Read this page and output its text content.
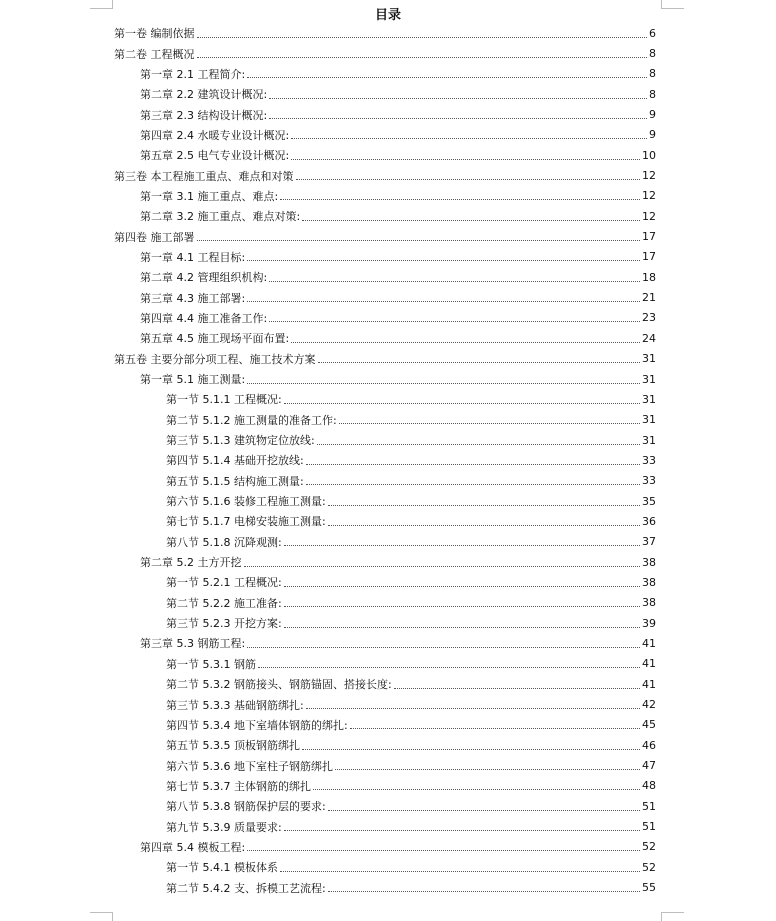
目录
第一卷 编制依据	6
第二卷 工程概况	8
第一章 2.1 工程简介:	8
第二章 2.2 建筑设计概况:	8
第三章 2.3 结构设计概况:	9
第四章 2.4 水暖专业设计概况:	9
第五章 2.5 电气专业设计概况:	10
第三卷 本工程施工重点、难点和对策	12
第一章 3.1 施工重点、难点:	12
第二章 3.2 施工重点、难点对策:	12
第四卷 施工部署	17
第一章 4.1 工程目标:	17
第二章 4.2 管理组织机构:	18
第三章 4.3 施工部署:	21
第四章 4.4 施工准备工作:	23
第五章 4.5 施工现场平面布置:	24
第五卷 主要分部分项工程、施工技术方案	31
第一章 5.1 施工测量:	31
第一节 5.1.1 工程概况:	31
第二节 5.1.2 施工测量的准备工作:	31
第三节 5.1.3 建筑物定位放线:	31
第四节 5.1.4 基础开挖放线:	33
第五节 5.1.5 结构施工测量:	33
第六节 5.1.6 装修工程施工测量:	35
第七节 5.1.7 电梯安装施工测量:	36
第八节 5.1.8 沉降观测:	37
第二章 5.2 土方开挖	38
第一节 5.2.1 工程概况:	38
第二节 5.2.2 施工准备:	38
第三节 5.2.3 开挖方案:	39
第三章 5.3 钢筋工程:	41
第一节 5.3.1 钢筋	41
第二节 5.3.2 钢筋接头、钢筋锚固、搭接长度:	41
第三节 5.3.3 基础钢筋绑扎:	42
第四节 5.3.4 地下室墙体钢筋的绑扎:	45
第五节 5.3.5 顶板钢筋绑扎	46
第六节 5.3.6 地下室柱子钢筋绑扎	47
第七节 5.3.7 主体钢筋的绑扎	48
第八节 5.3.8 钢筋保护层的要求:	51
第九节 5.3.9 质量要求:	51
第四章 5.4 模板工程:	52
第一节 5.4.1 模板体系	52
第二节 5.4.2 支、拆模工艺流程:	55
